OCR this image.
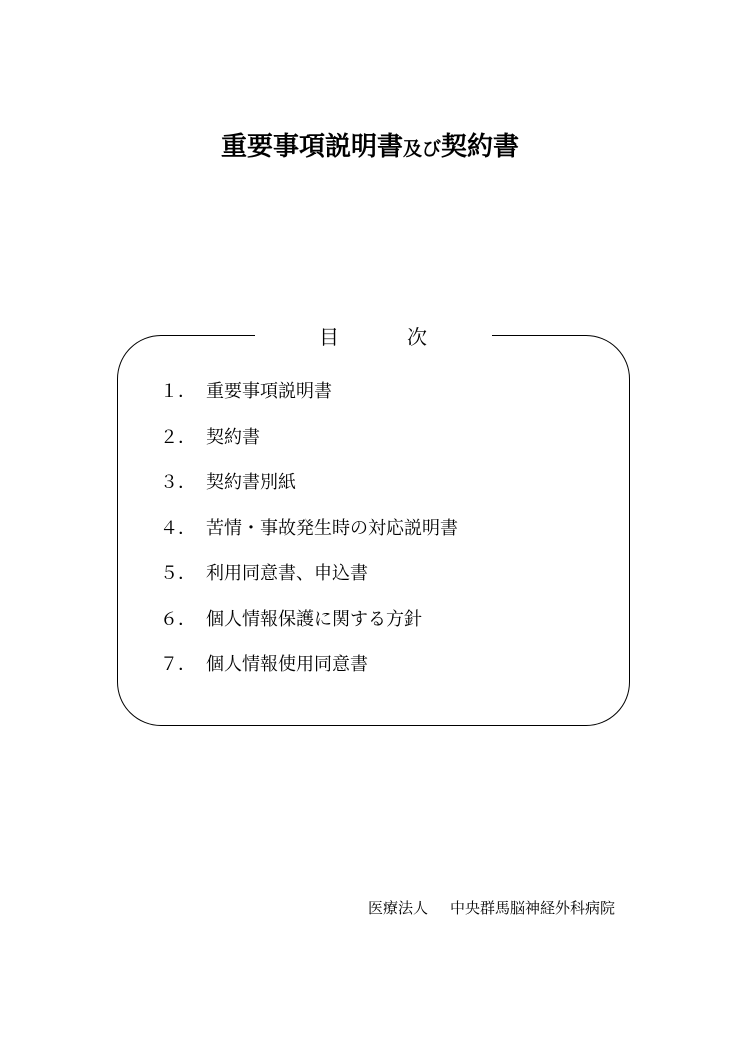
重要事項説明書及び契約書
目	次
１． 重要事項説明書
２． 契約書
３． 契約書別紙
４． 苦情・事故発生時の対応説明書
５． 利用同意書、申込書
６． 個人情報保護に関する方針
７． 個人情報使用同意書
医療法人 中央群馬脳神経外科病院
